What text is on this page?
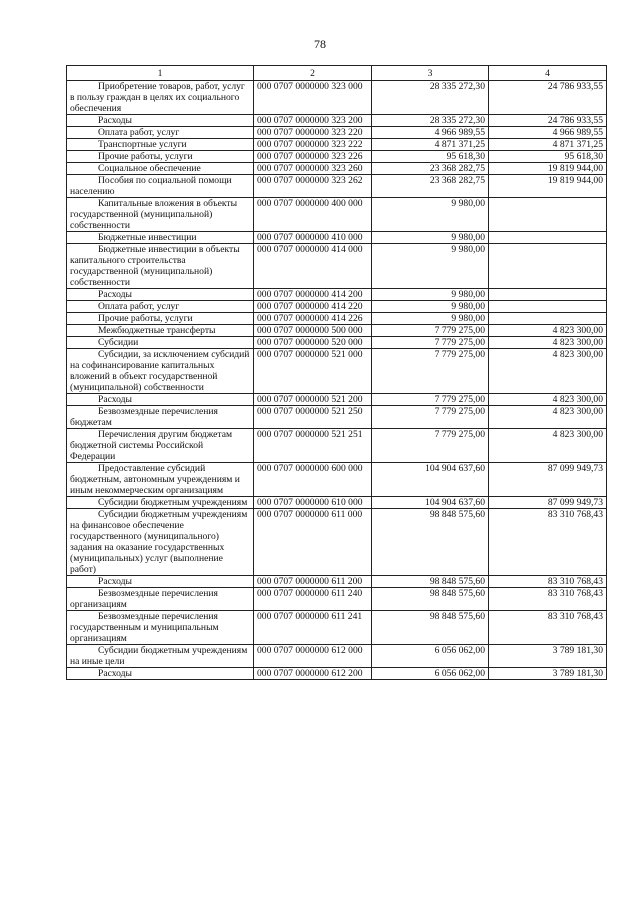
78
1	2	3	4
Приобретение товаров, работ, услуг в пользу граждан в целях их социального обеспечения	000 0707 0000000 323 000	28 335 272,30	24 786 933,55
Расходы	000 0707 0000000 323 200	28 335 272,30	24 786 933,55
Оплата работ, услуг	000 0707 0000000 323 220	4 966 989,55	4 966 989,55
Транспортные услуги	000 0707 0000000 323 222	4 871 371,25	4 871 371,25
Прочие работы, услуги	000 0707 0000000 323 226	95 618,30	95 618,30
Социальное обеспечение	000 0707 0000000 323 260	23 368 282,75	19 819 944,00
Пособия по социальной помощи населению	000 0707 0000000 323 262	23 368 282,75	19 819 944,00
Капитальные вложения в объекты государственной (муниципальной) собственности	000 0707 0000000 400 000	9 980,00	
Бюджетные инвестиции	000 0707 0000000 410 000	9 980,00	
Бюджетные инвестиции в объекты капитального строительства государственной (муниципальной) собственности	000 0707 0000000 414 000	9 980,00	
Расходы	000 0707 0000000 414 200	9 980,00	
Оплата работ, услуг	000 0707 0000000 414 220	9 980,00	
Прочие работы, услуги	000 0707 0000000 414 226	9 980,00	
Межбюджетные трансферты	000 0707 0000000 500 000	7 779 275,00	4 823 300,00
Субсидии	000 0707 0000000 520 000	7 779 275,00	4 823 300,00
Субсидии, за исключением субсидий на софинансирование капитальных вложений в объект государственной (муниципальной) собственности	000 0707 0000000 521 000	7 779 275,00	4 823 300,00
Расходы	000 0707 0000000 521 200	7 779 275,00	4 823 300,00
Безвозмездные перечисления бюджетам	000 0707 0000000 521 250	7 779 275,00	4 823 300,00
Перечисления другим бюджетам бюджетной системы Российской Федерации	000 0707 0000000 521 251	7 779 275,00	4 823 300,00
Предоставление субсидий бюджетным, автономным учреждениям и иным некоммерческим организациям	000 0707 0000000 600 000	104 904 637,60	87 099 949,73
Субсидии бюджетным учреждениям	000 0707 0000000 610 000	104 904 637,60	87 099 949,73
Субсидии бюджетным учреждениям на финансовое обеспечение государственного (муниципального) задания на оказание государственных (муниципальных) услуг (выполнение работ)	000 0707 0000000 611 000	98 848 575,60	83 310 768,43
Расходы	000 0707 0000000 611 200	98 848 575,60	83 310 768,43
Безвозмездные перечисления организациям	000 0707 0000000 611 240	98 848 575,60	83 310 768,43
Безвозмездные перечисления государственным и муниципальным организациям	000 0707 0000000 611 241	98 848 575,60	83 310 768,43
Субсидии бюджетным учреждениям на иные цели	000 0707 0000000 612 000	6 056 062,00	3 789 181,30
Расходы	000 0707 0000000 612 200	6 056 062,00	3 789 181,30
